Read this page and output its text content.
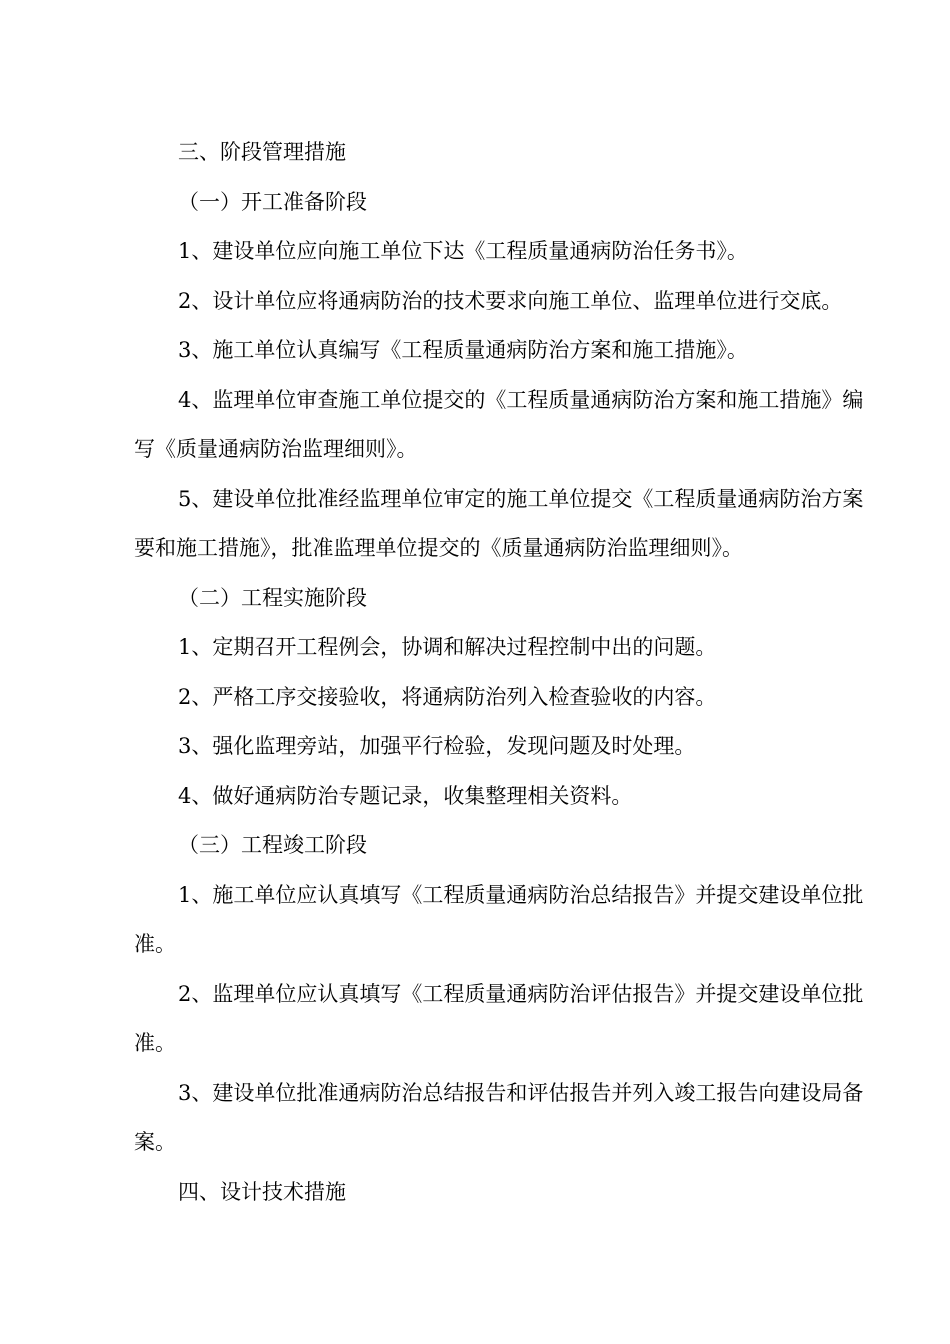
三、阶段管理措施

（一）开工准备阶段

1、建设单位应向施工单位下达《工程质量通病防治任务书》。

2、设计单位应将通病防治的技术要求向施工单位、监理单位进行交底。

3、施工单位认真编写《工程质量通病防治方案和施工措施》。

4、监理单位审查施工单位提交的《工程质量通病防治方案和施工措施》编写《质量通病防治监理细则》。

5、建设单位批准经监理单位审定的施工单位提交《工程质量通病防治方案要和施工措施》，批准监理单位提交的《质量通病防治监理细则》。

（二）工程实施阶段

1、定期召开工程例会，协调和解决过程控制中出的问题。

2、严格工序交接验收，将通病防治列入检查验收的内容。

3、强化监理旁站，加强平行检验，发现问题及时处理。

4、做好通病防治专题记录，收集整理相关资料。

（三）工程竣工阶段

1、施工单位应认真填写《工程质量通病防治总结报告》并提交建设单位批准。

2、监理单位应认真填写《工程质量通病防治评估报告》并提交建设单位批准。

3、建设单位批准通病防治总结报告和评估报告并列入竣工报告向建设局备案。

四、设计技术措施
